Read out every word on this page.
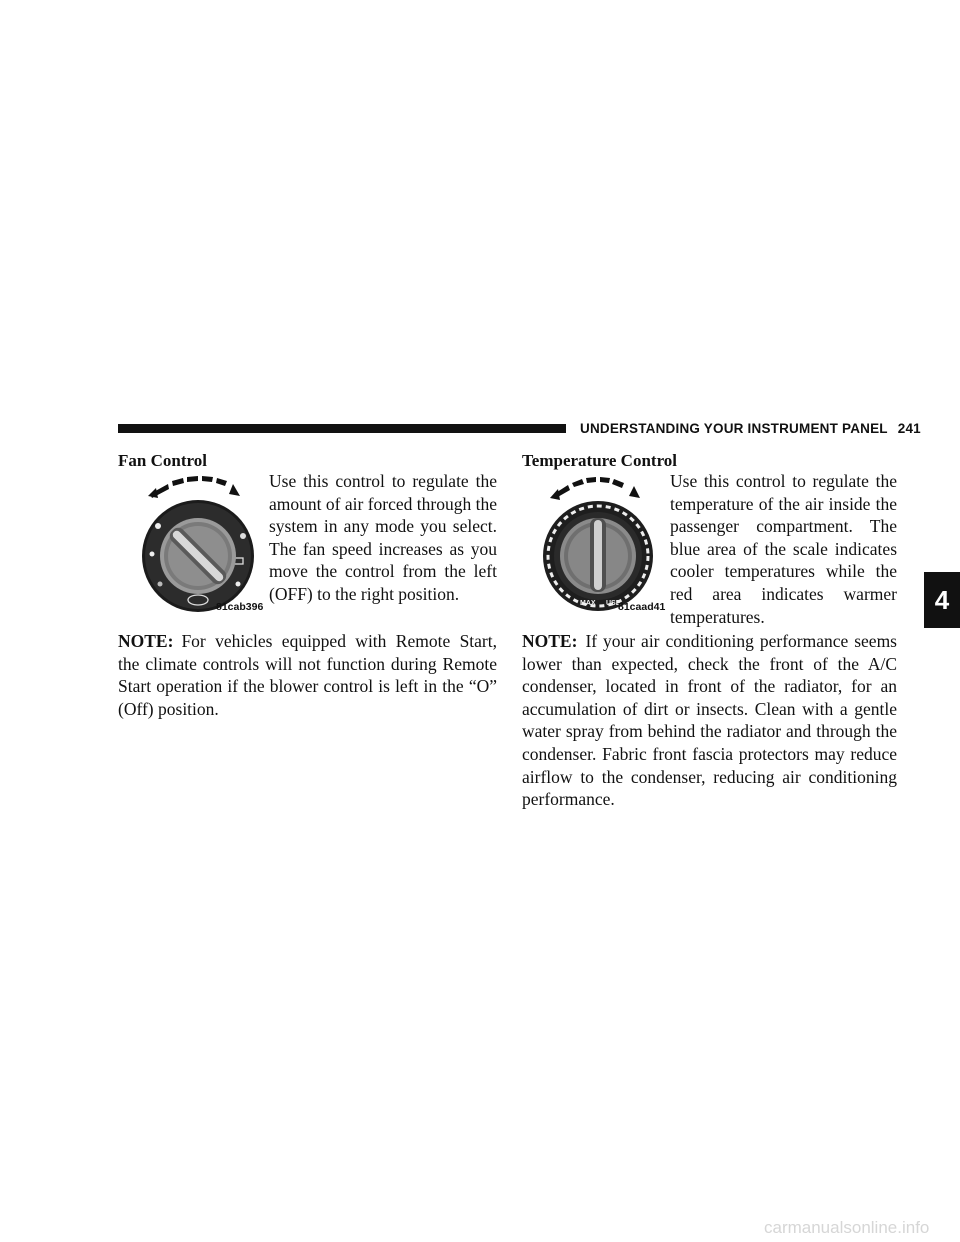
UNDERSTANDING YOUR INSTRUMENT PANEL 241
Fan Control
81cab396
Use this control to regulate the amount of air forced through the system in any mode you select. The fan speed increases as you move the control from the left (OFF) to the right position.
NOTE: For vehicles equipped with Remote Start, the climate controls will not function during Remote Start operation if the blower control is left in the “O” (Off) position.
Temperature Control
MAX USE
81caad41
Use this control to regulate the temperature of the air inside the passenger compartment. The blue area of the scale indicates cooler temperatures while the red area indicates warmer temperatures.
NOTE: If your air conditioning performance seems lower than expected, check the front of the A/C condenser, located in front of the radiator, for an accumulation of dirt or insects. Clean with a gentle water spray from behind the radiator and through the condenser. Fabric front fascia protectors may reduce airflow to the condenser, reducing air conditioning performance.
4
carmanualsonline.info
